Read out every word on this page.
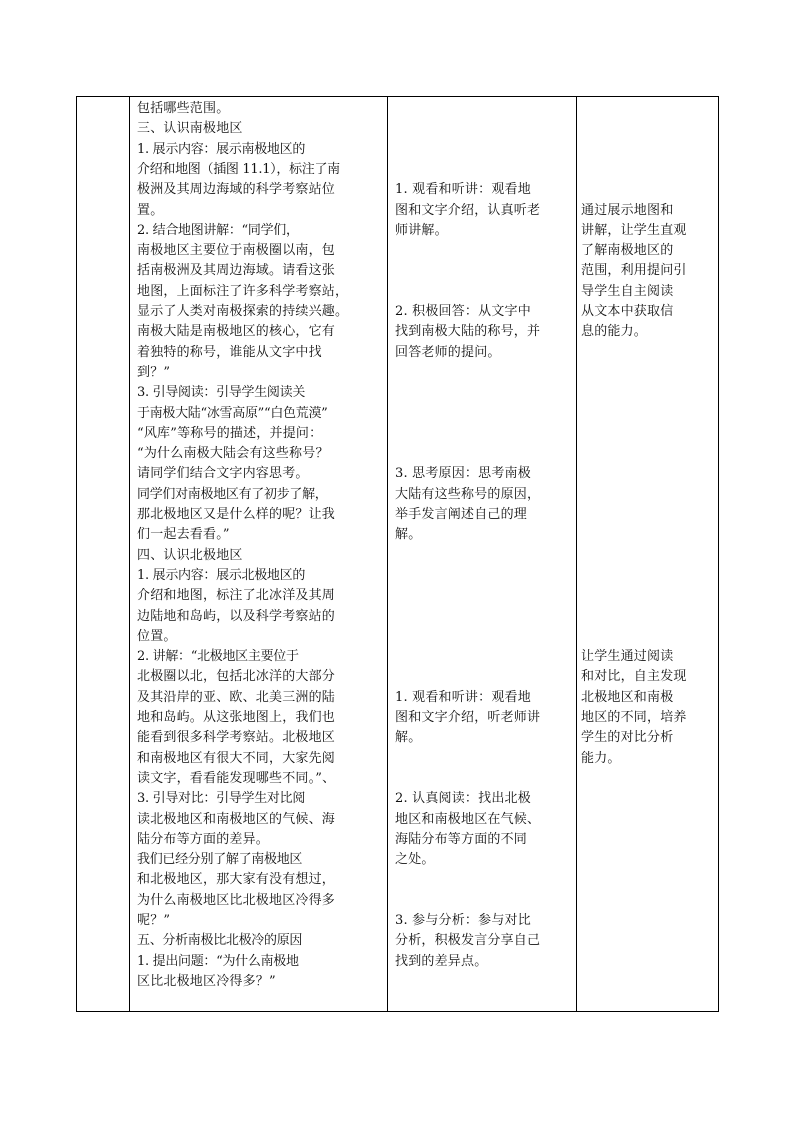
包括哪些范围。
三、认识南极地区
1. 展示内容：展示南极地区的
介绍和地图（插图 11.1），标注了南
极洲及其周边海域的科学考察站位
置。
2. 结合地图讲解：“同学们，
南极地区主要位于南极圈以南，包
括南极洲及其周边海域。请看这张
地图，上面标注了许多科学考察站，
显示了人类对南极探索的持续兴趣。
南极大陆是南极地区的核心，它有
着独特的称号，谁能从文字中找
到？”
3. 引导阅读：引导学生阅读关
于南极大陆“冰雪高原”“白色荒漠”
“风库”等称号的描述，并提问：
“为什么南极大陆会有这些称号？
请同学们结合文字内容思考。
同学们对南极地区有了初步了解，
那北极地区又是什么样的呢？让我
们一起去看看。”
四、认识北极地区
1. 展示内容：展示北极地区的
介绍和地图，标注了北冰洋及其周
边陆地和岛屿，以及科学考察站的
位置。
2. 讲解：“北极地区主要位于
北极圈以北，包括北冰洋的大部分
及其沿岸的亚、欧、北美三洲的陆
地和岛屿。从这张地图上，我们也
能看到很多科学考察站。北极地区
和南极地区有很大不同，大家先阅
读文字，看看能发现哪些不同。”、
3. 引导对比：引导学生对比阅
读北极地区和南极地区的气候、海
陆分布等方面的差异。
我们已经分别了解了南极地区
和北极地区，那大家有没有想过，
为什么南极地区比北极地区冷得多
呢？”
五、分析南极比北极冷的原因
1. 提出问题：“为什么南极地
区比北极地区冷得多？”
1. 观看和听讲：观看地
图和文字介绍，认真听老
师讲解。
2. 积极回答：从文字中
找到南极大陆的称号，并
回答老师的提问。
3. 思考原因：思考南极
大陆有这些称号的原因，
举手发言阐述自己的理
解。
1. 观看和听讲：观看地
图和文字介绍，听老师讲
解。
2. 认真阅读：找出北极
地区和南极地区在气候、
海陆分布等方面的不同
之处。
3. 参与分析：参与对比
分析，积极发言分享自己
找到的差异点。
通过展示地图和
讲解，让学生直观
了解南极地区的
范围，利用提问引
导学生自主阅读
从文本中获取信
息的能力。
让学生通过阅读
和对比，自主发现
北极地区和南极
地区的不同，培养
学生的对比分析
能力。
